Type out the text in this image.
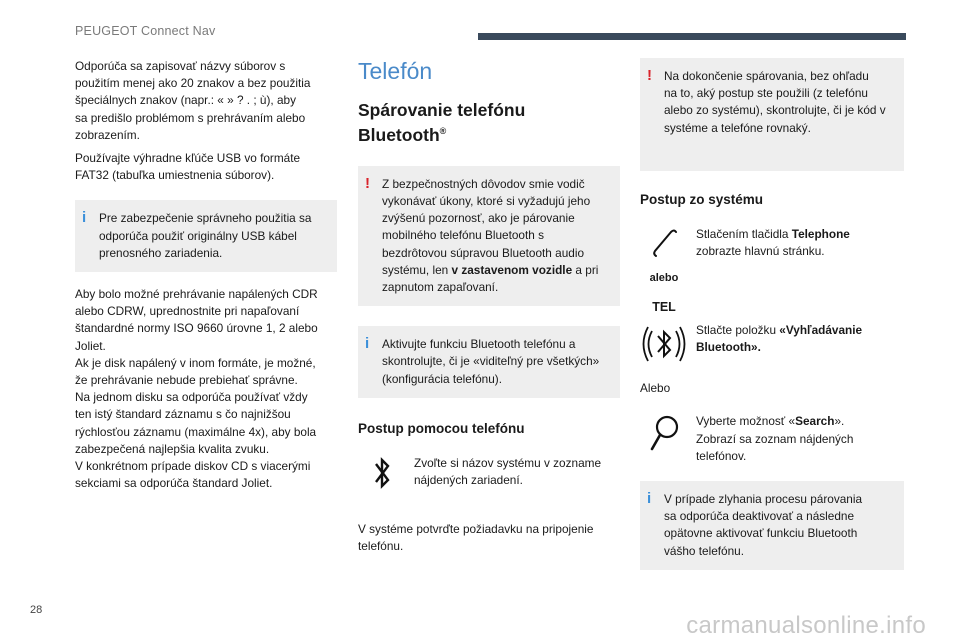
PEUGEOT Connect Nav

Odporúča sa zapisovať názvy súborov s
použitím menej ako 20 znakov a bez použitia
špeciálnych znakov (napr.: « » ? . ; ù), aby
sa predišlo problémom s prehrávaním alebo
zobrazením.

Používajte výhradne kľúče USB vo formáte
FAT32 (tabuľka umiestnenia súborov).

i Pre zabezpečenie správneho použitia sa
odporúča použiť originálny USB kábel
prenosného zariadenia.

Aby bolo možné prehrávanie napálených CDR
alebo CDRW, uprednostnite pri napaľovaní
štandardné normy ISO 9660 úrovne 1, 2 alebo
Joliet.
Ak je disk napálený v inom formáte, je možné,
že prehrávanie nebude prebiehať správne.
Na jednom disku sa odporúča používať vždy
ten istý štandard záznamu s čo najnižšou
rýchlosťou záznamu (maximálne 4x), aby bola
zabezpečená najlepšia kvalita zvuku.
V konkrétnom prípade diskov CD s viacerými
sekciami sa odporúča štandard Joliet.

Telefón
Spárovanie telefónu
Bluetooth®
! Z bezpečnostných dôvodov smie vodič
vykonávať úkony, ktoré si vyžadujú jeho
zvýšenú pozornosť, ako je párovanie
mobilného telefónu Bluetooth s
bezdrôtovou súpravou Bluetooth audio
systému, len v zastavenom vozidle a pri
zapnutom zapaľovaní.
i Aktivujte funkciu Bluetooth telefónu a
skontrolujte, či je «viditeľný pre všetkých»
(konfigurácia telefónu).
Postup pomocou telefónu
Zvoľte si názov systému v zozname
nájdených zariadení.

V systéme potvrďte požiadavku na pripojenie
telefónu.

! Na dokončenie spárovania, bez ohľadu
na to, aký postup ste použili (z telefónu
alebo zo systému), skontrolujte, či je kód v
systéme a telefóne rovnaký.
Postup zo systému
alebo
TEL
Stlačením tlačidla Telephone
zobrazte hlavnú stránku.
Stlačte položku «Vyhľadávanie
Bluetooth».

Alebo

Vyberte možnosť «Search».
Zobrazí sa zoznam nájdených
telefónov.
i V prípade zlyhania procesu párovania
sa odporúča deaktivovať a následne
opätovne aktivovať funkciu Bluetooth
vášho telefónu.
28
carmanualsonline.info
